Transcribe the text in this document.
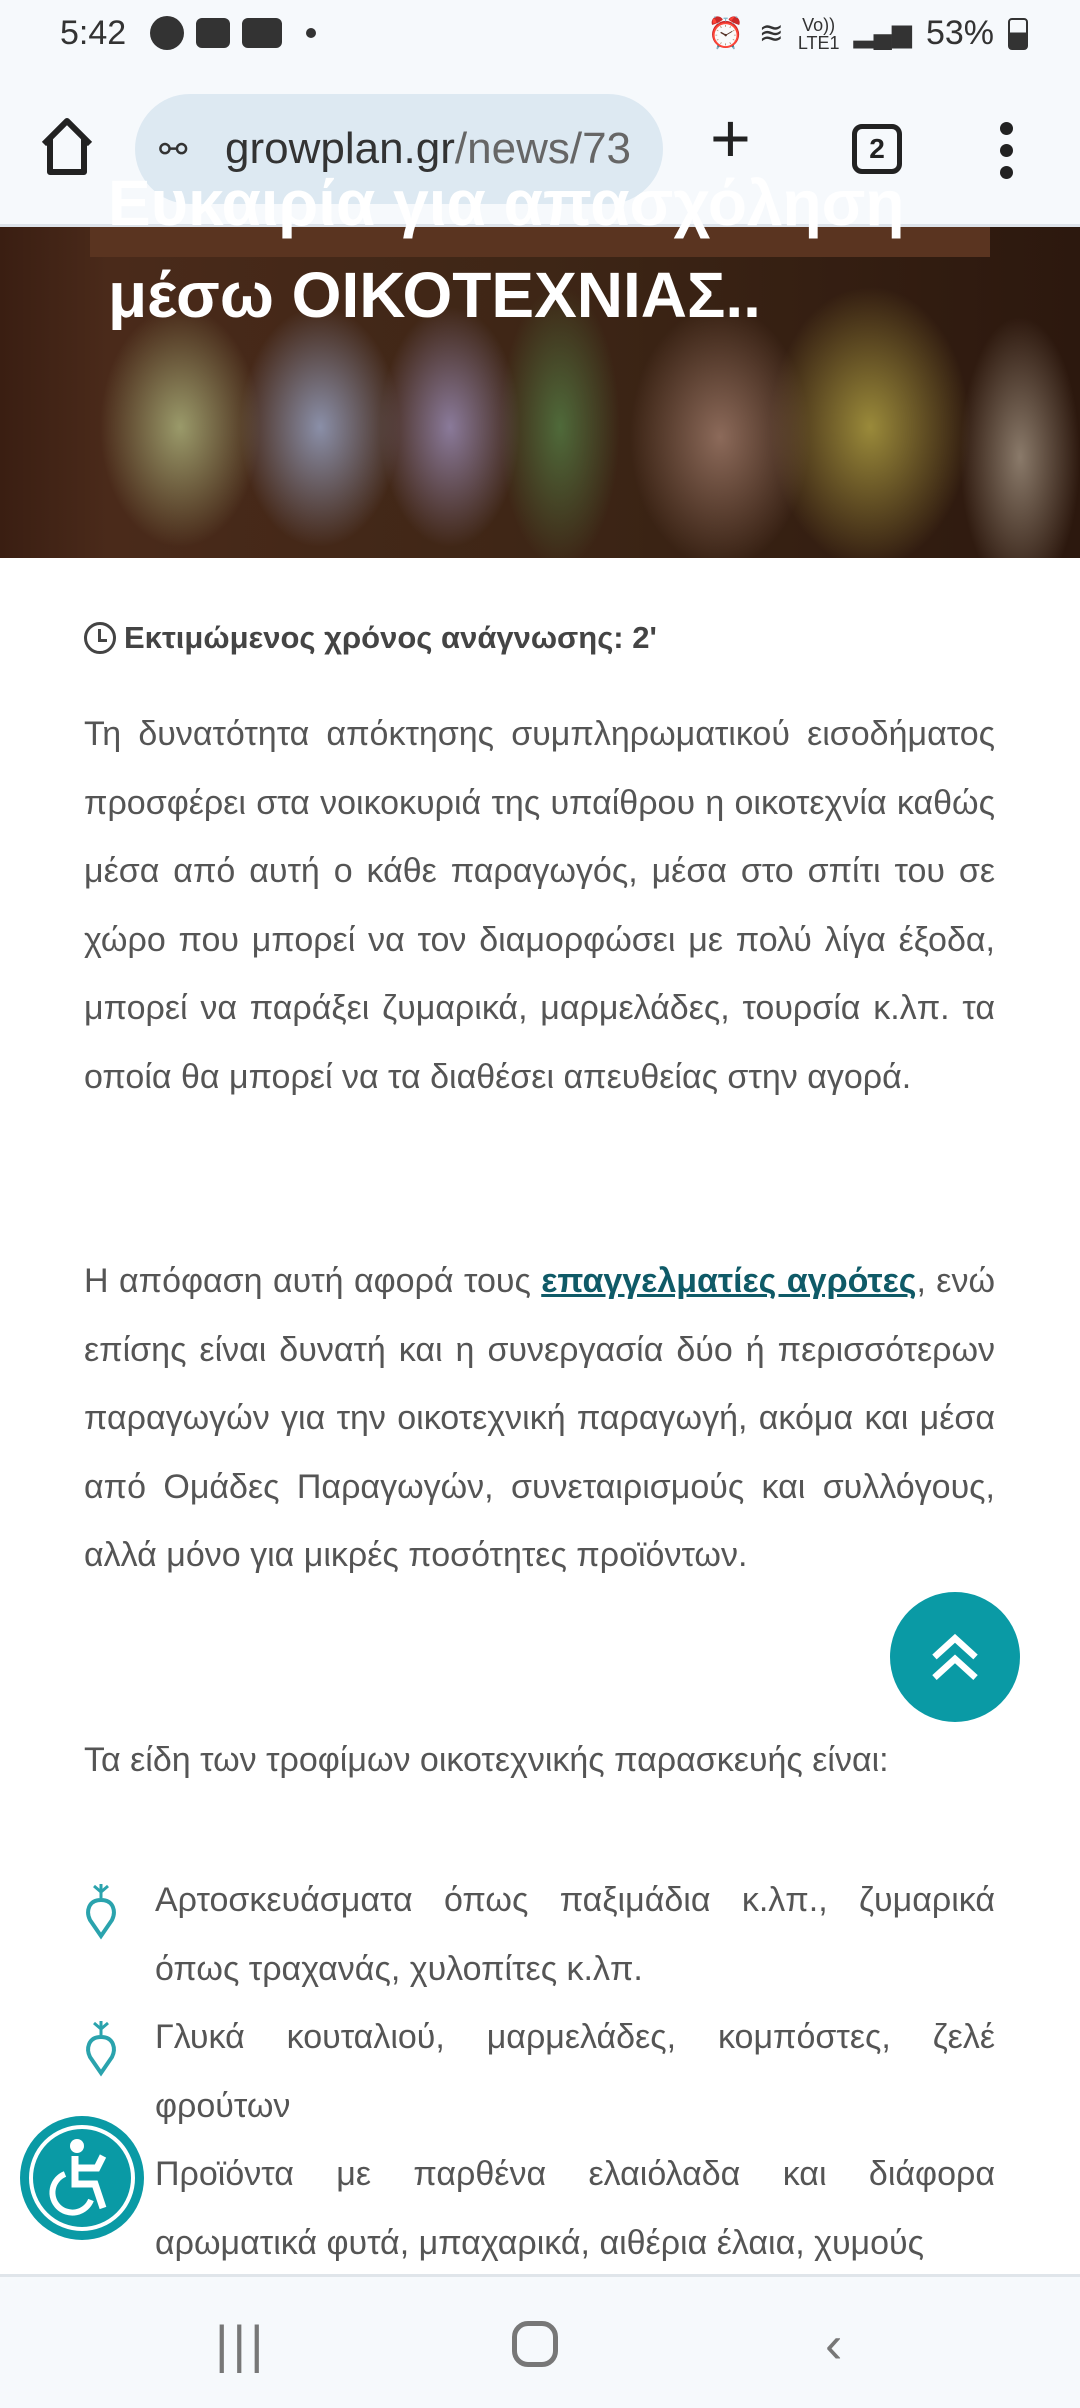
5:42	⏰ ≋ Vo))
LTE1 ▂▄▆ 53%
⚯ growplan.gr/news/73 +	2
Ευκαιρία για απασχόληση
μέσω ΟΙΚΟΤΕΧΝΙΑΣ..
Εκτιμώμενος χρόνος ανάγνωσης: 2'

Τη δυνατότητα απόκτησης συμπληρωματικού εισοδήματος προσφέρει στα νοικοκυριά της υπαίθρου η οικοτεχνία καθώς μέσα από αυτή ο κάθε παραγωγός, μέσα στο σπίτι του σε χώρο που μπορεί να τον διαμορφώσει με πολύ λίγα έξοδα, μπορεί να παράξει ζυμαρικά, μαρμελάδες, τουρσία κ.λπ. τα οποία θα μπορεί να τα διαθέσει απευθείας στην αγορά.

Η απόφαση αυτή αφορά τους επαγγελματίες αγρότες, ενώ επίσης είναι δυνατή και η συνεργασία δύο ή περισσότερων παραγωγών για την οικοτεχνική παραγωγή, ακόμα και μέσα από Ομάδες Παραγωγών, συνεταιρισμούς και συλλόγους, αλλά μόνο για μικρές ποσότητες προϊόντων.

Τα είδη των τροφίμων οικοτεχνικής παρασκευής είναι:

Αρτοσκευάσματα όπως παξιμάδια κ.λπ., ζυμαρικά όπως τραχανάς, χυλοπίτες κ.λπ.
Γλυκά κουταλιού, μαρμελάδες, κομπόστες, ζελέ φρούτων
Προϊόντα με παρθένα ελαιόλαδα και διάφορα αρωματικά φυτά, μπαχαρικά, αιθέρια έλαια, χυμούς
|||	‹
